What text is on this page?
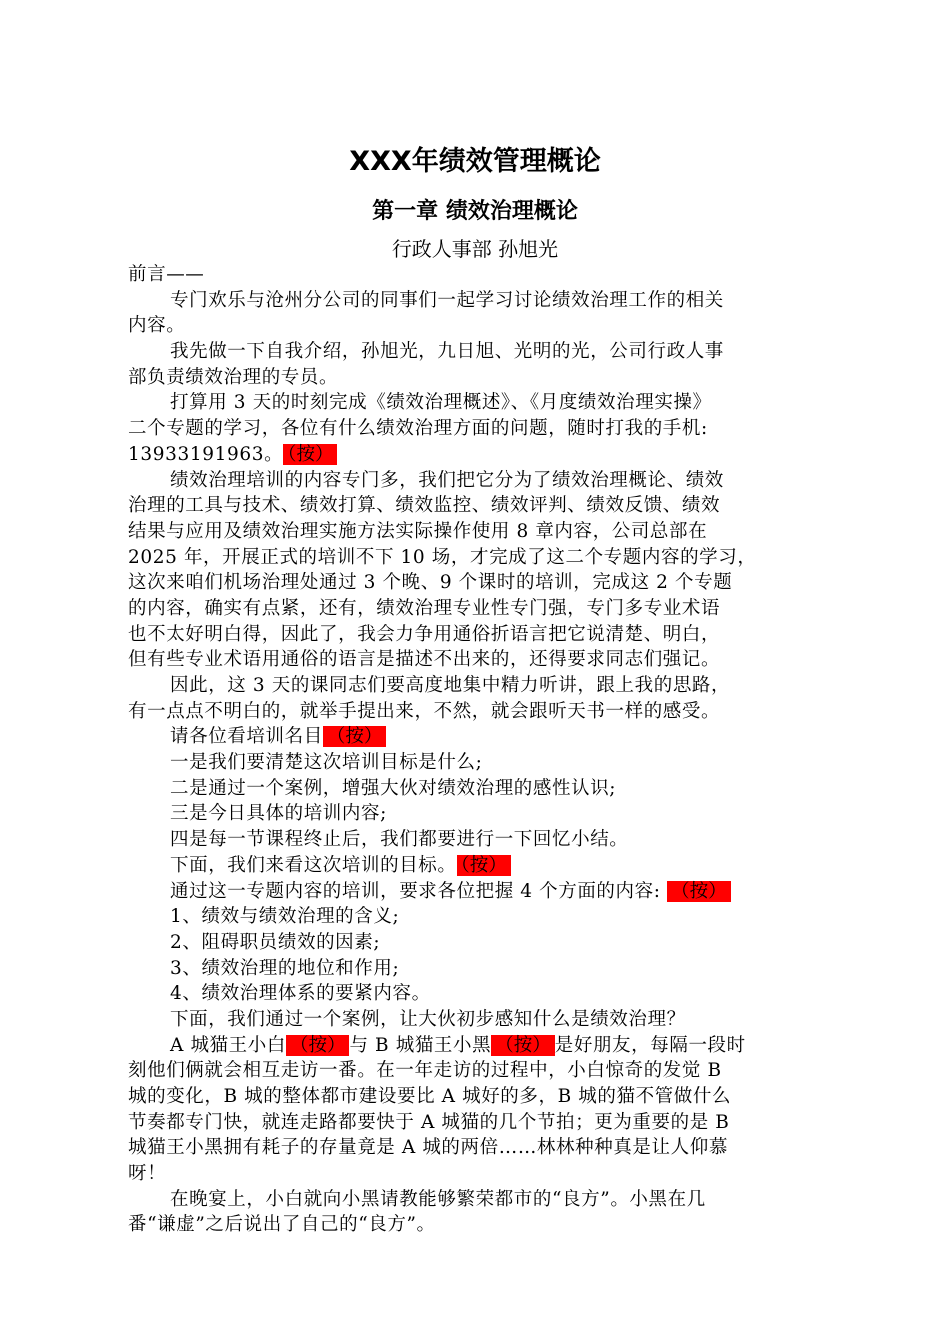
XXX年绩效管理概论
第一章 绩效治理概论
行政人事部 孙旭光
前言——
专门欢乐与沧州分公司的同事们一起学习讨论绩效治理工作的相关
内容。
我先做一下自我介绍，孙旭光，九日旭、光明的光，公司行政人事
部负责绩效治理的专员。
打算用 3 天的时刻完成《绩效治理概述》、《月度绩效治理实操》
二个专题的学习，各位有什么绩效治理方面的问题，随时打我的手机:
13933191963。 （按）
绩效治理培训的内容专门多，我们把它分为了绩效治理概论、绩效
治理的工具与技术、绩效打算、绩效监控、绩效评判、绩效反馈、绩效
结果与应用及绩效治理实施方法实际操作使用 8 章内容，公司总部在
2025 年，开展正式的培训不下 10 场，才完成了这二个专题内容的学习，
这次来咱们机场治理处通过 3 个晚、9 个课时的培训，完成这 2 个专题
的内容，确实有点紧，还有，绩效治理专业性专门强，专门多专业术语
也不太好明白得，因此了，我会力争用通俗折语言把它说清楚、明白，
但有些专业术语用通俗的语言是描述不出来的，还得要求同志们强记。
因此，这 3 天的课同志们要高度地集中精力听讲，跟上我的思路，
有一点点不明白的，就举手提出来，不然，就会跟听天书一样的感受。
请各位看培训名目 （按）
一是我们要清楚这次培训目标是什么;
二是通过一个案例，增强大伙对绩效治理的感性认识;
三是今日具体的培训内容;
四是每一节课程终止后，我们都要进行一下回忆小结。
下面，我们来看这次培训的目标。 （按）
通过这一专题内容的培训，要求各位把握 4 个方面的内容: （按）
1、绩效与绩效治理的含义;
2、阻碍职员绩效的因素;
3、绩效治理的地位和作用;
4、绩效治理体系的要紧内容。
下面，我们通过一个案例，让大伙初步感知什么是绩效治理？
A 城猫王小白 （按） 与 B 城猫王小黑 （按） 是好朋友，每隔一段时
刻他们俩就会相互走访一番。在一年走访的过程中，小白惊奇的发觉 B
城的变化，B 城的整体都市建设要比 A 城好的多，B 城的猫不管做什么
节奏都专门快，就连走路都要快于 A 城猫的几个节拍；更为重要的是 B
城猫王小黑拥有耗子的存量竟是 A 城的两倍……林林种种真是让人仰慕
呀！
在晚宴上，小白就向小黑请教能够繁荣都市的“良方”。小黑在几
番“谦虚”之后说出了自己的“良方”。
